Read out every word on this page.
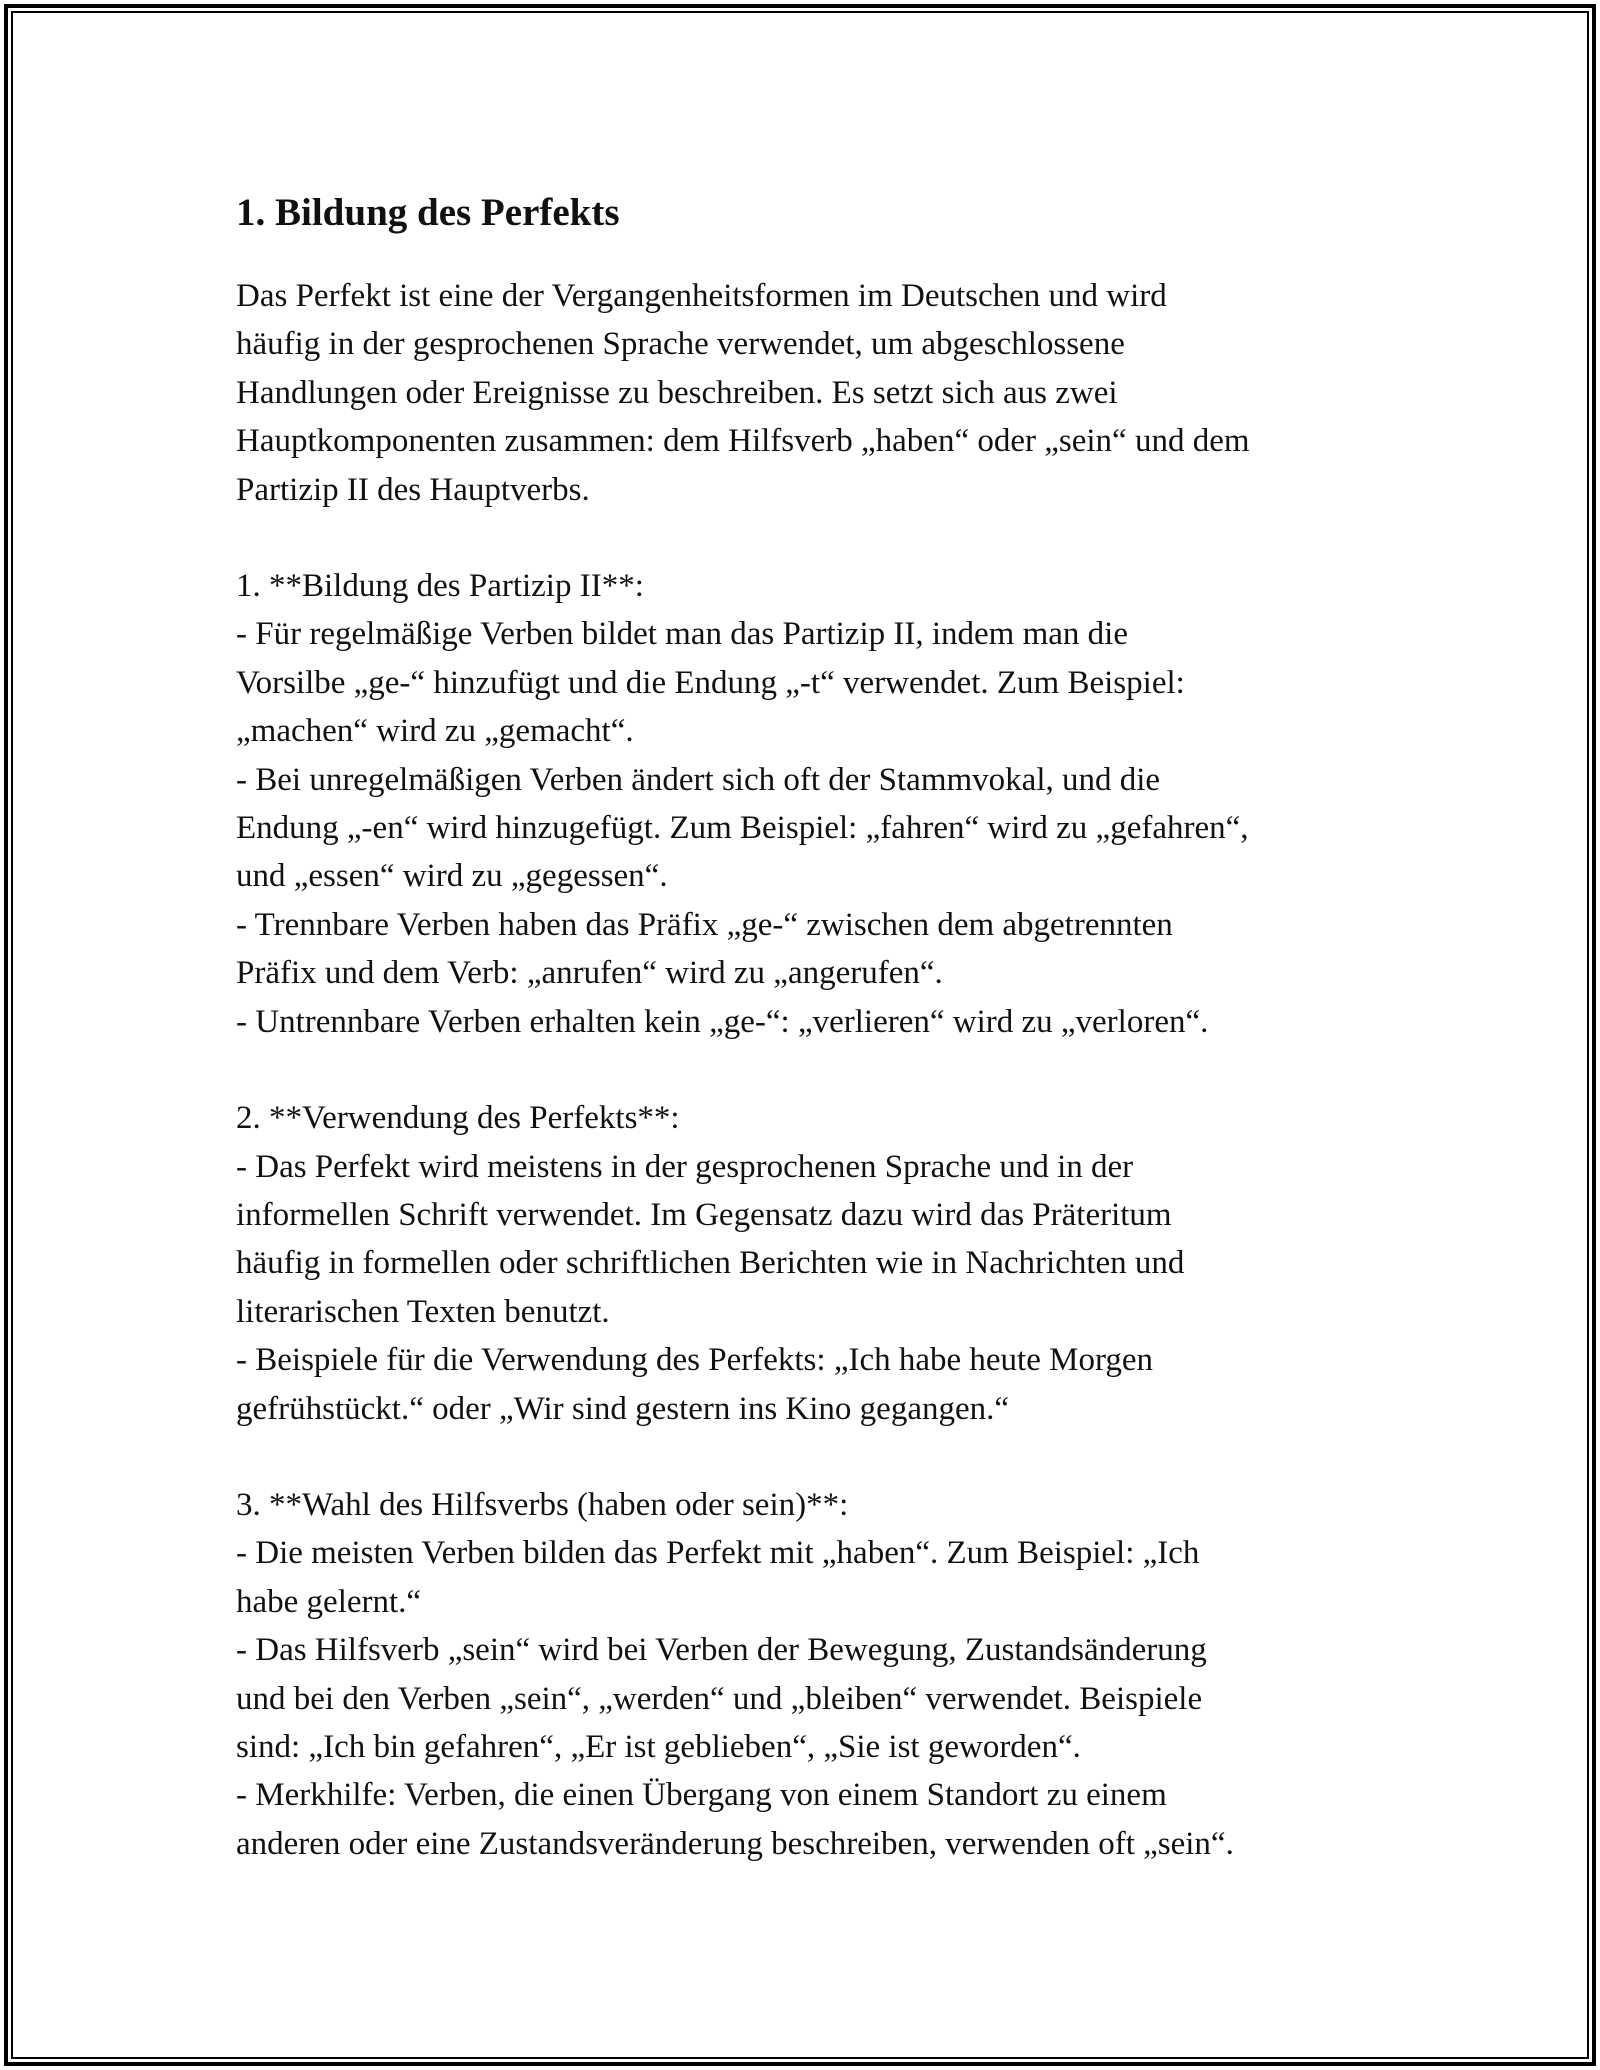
1. Bildung des Perfekts

Das Perfekt ist eine der Vergangenheitsformen im Deutschen und wird
häufig in der gesprochenen Sprache verwendet, um abgeschlossene
Handlungen oder Ereignisse zu beschreiben. Es setzt sich aus zwei
Hauptkomponenten zusammen: dem Hilfsverb „haben“ oder „sein“ und dem
Partizip II des Hauptverbs.

1. **Bildung des Partizip II**:
- Für regelmäßige Verben bildet man das Partizip II, indem man die
Vorsilbe „ge-“ hinzufügt und die Endung „-t“ verwendet. Zum Beispiel:
„machen“ wird zu „gemacht“.
- Bei unregelmäßigen Verben ändert sich oft der Stammvokal, und die
Endung „-en“ wird hinzugefügt. Zum Beispiel: „fahren“ wird zu „gefahren“,
und „essen“ wird zu „gegessen“.
- Trennbare Verben haben das Präfix „ge-“ zwischen dem abgetrennten
Präfix und dem Verb: „anrufen“ wird zu „angerufen“.
- Untrennbare Verben erhalten kein „ge-“: „verlieren“ wird zu „verloren“.

2. **Verwendung des Perfekts**:
- Das Perfekt wird meistens in der gesprochenen Sprache und in der
informellen Schrift verwendet. Im Gegensatz dazu wird das Präteritum
häufig in formellen oder schriftlichen Berichten wie in Nachrichten und
literarischen Texten benutzt.
- Beispiele für die Verwendung des Perfekts: „Ich habe heute Morgen
gefrühstückt.“ oder „Wir sind gestern ins Kino gegangen.“

3. **Wahl des Hilfsverbs (haben oder sein)**:
- Die meisten Verben bilden das Perfekt mit „haben“. Zum Beispiel: „Ich
habe gelernt.“
- Das Hilfsverb „sein“ wird bei Verben der Bewegung, Zustandsänderung
und bei den Verben „sein“, „werden“ und „bleiben“ verwendet. Beispiele
sind: „Ich bin gefahren“, „Er ist geblieben“, „Sie ist geworden“.
- Merkhilfe: Verben, die einen Übergang von einem Standort zu einem
anderen oder eine Zustandsveränderung beschreiben, verwenden oft „sein“.
